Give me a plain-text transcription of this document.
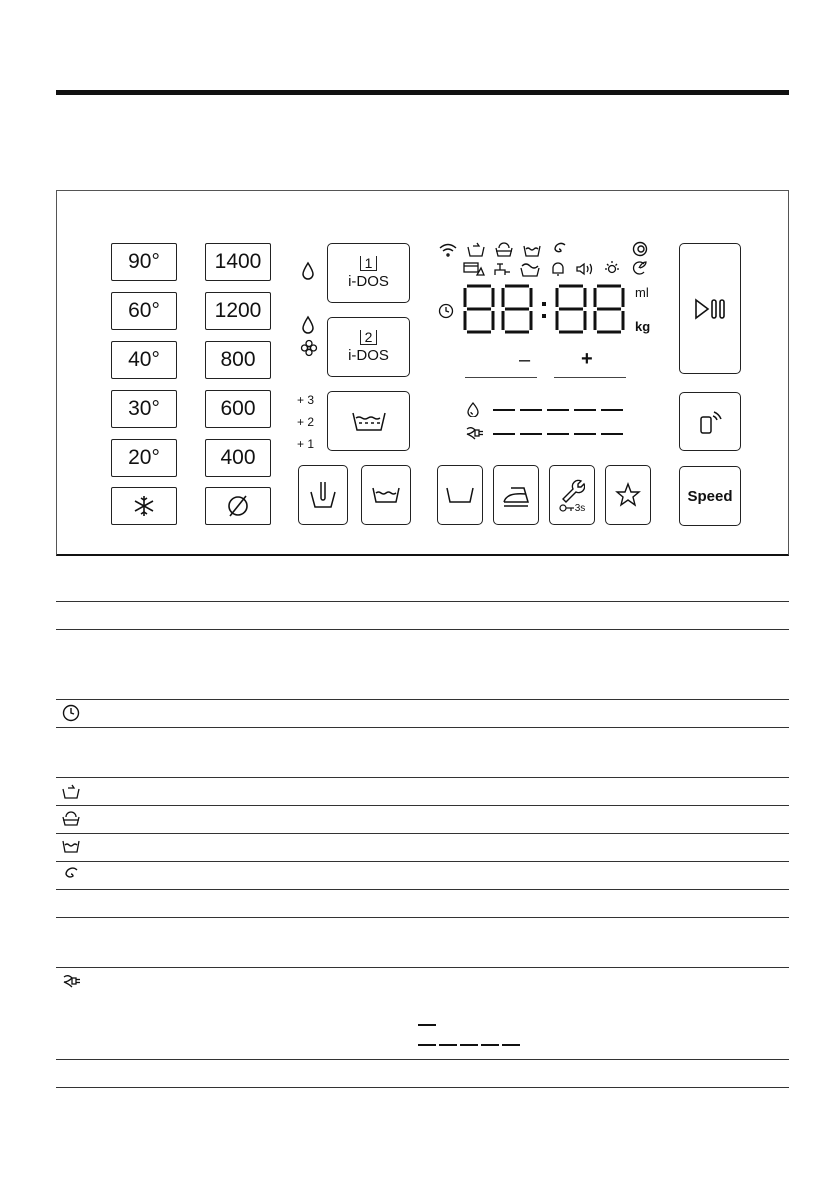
90°
60°
40°
30°
20°
1400
1200
800
600
400
1
i-DOS
2
i-DOS
+ 3
+ 2
+ 1
3s
ml
kg
–	+
Speed
